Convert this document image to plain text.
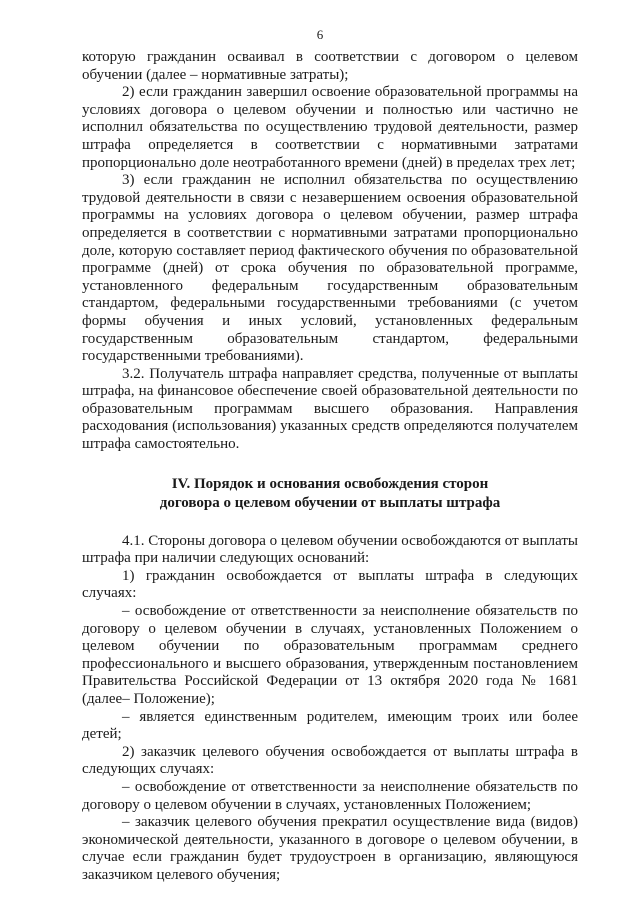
6

которую гражданин осваивал в соответствии с договором о целевом обучении (далее – нормативные затраты);

2) если гражданин завершил освоение образовательной программы на условиях договора о целевом обучении и полностью или частично не исполнил обязательства по осуществлению трудовой деятельности, размер штрафа определяется в соответствии с нормативными затратами пропорционально доле неотработанного времени (дней) в пределах трех лет;

3) если гражданин не исполнил обязательства по осуществлению трудовой деятельности в связи с незавершением освоения образовательной программы на условиях договора о целевом обучении, размер штрафа определяется в соответствии с нормативными затратами пропорционально доле, которую составляет период фактического обучения по образовательной программе (дней) от срока обучения по образовательной программе, установленного федеральным государственным образовательным стандартом, федеральными государственными требованиями (с учетом формы обучения и иных условий, установленных федеральным государственным образовательным стандартом, федеральными государственными требованиями).

3.2. Получатель штрафа направляет средства, полученные от выплаты штрафа, на финансовое обеспечение своей образовательной деятельности по образовательным программам высшего образования. Направления расходования (использования) указанных средств определяются получателем штрафа самостоятельно.

IV. Порядок и основания освобождения сторон
договора о целевом обучении от выплаты штрафа

4.1. Стороны договора о целевом обучении освобождаются от выплаты штрафа при наличии следующих оснований:

1) гражданин освобождается от выплаты штрафа в следующих случаях:

– освобождение от ответственности за неисполнение обязательств по договору о целевом обучении в случаях, установленных Положением о целевом обучении по образовательным программам среднего профессионального и высшего образования, утвержденным постановлением Правительства Российской Федерации от 13 октября 2020 года № 1681 (далее– Положение);

– является единственным родителем, имеющим троих или более детей;

2) заказчик целевого обучения освобождается от выплаты штрафа в следующих случаях:

– освобождение от ответственности за неисполнение обязательств по договору о целевом обучении в случаях, установленных Положением;

– заказчик целевого обучения прекратил осуществление вида (видов) экономической деятельности, указанного в договоре о целевом обучении, в случае если гражданин будет трудоустроен в организацию, являющуюся заказчиком целевого обучения;
